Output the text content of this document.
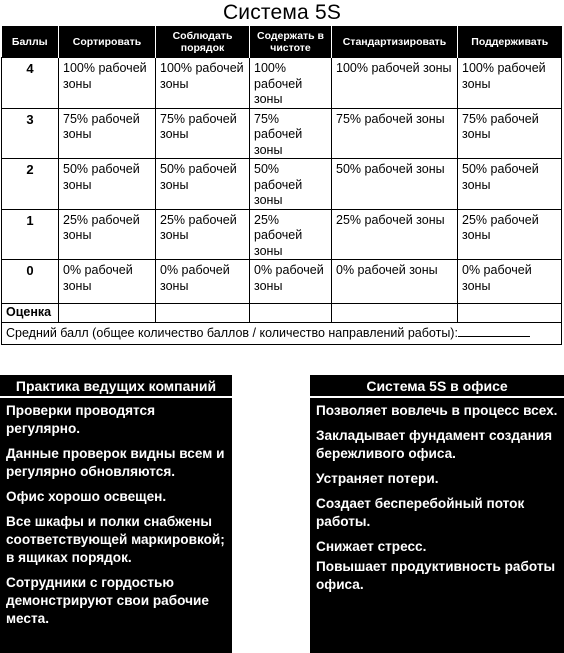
Система 5S
Баллы	Сортировать	Соблюдать порядок	Содержать в чистоте	Стандартизировать	Поддерживать
4	100% рабочей зоны	100% рабочей зоны	100% рабочей зоны	100% рабочей зоны	100% рабочей зоны
3	75% рабочей зоны	75% рабочей зоны	75% рабочей зоны	75% рабочей зоны	75% рабочей зоны
2	50% рабочей зоны	50% рабочей зоны	50% рабочей зоны	50% рабочей зоны	50% рабочей зоны
1	25% рабочей зоны	25% рабочей зоны	25% рабочей зоны	25% рабочей зоны	25% рабочей зоны
0	0% рабочей зоны	0% рабочей зоны	0% рабочей зоны	0% рабочей зоны	0% рабочей зоны
Оценка					
Средний балл (общее количество баллов / количество направлений работы):					
Практика ведущих компаний
Проверки проводятся регулярно.
Данные проверок видны всем и регулярно обновляются.
Офис хорошо освещен.
Все шкафы и полки снабжены соответствующей маркировкой; в ящиках порядок.
Сотрудники с гордостью демонстрируют свои рабочие места.
Система 5S в офисе
Позволяет вовлечь в процесс всех.
Закладывает фундамент создания бережливого офиса.
Устраняет потери.
Создает бесперебойный поток работы.
Снижает стресс.
Повышает продуктивность работы офиса.
